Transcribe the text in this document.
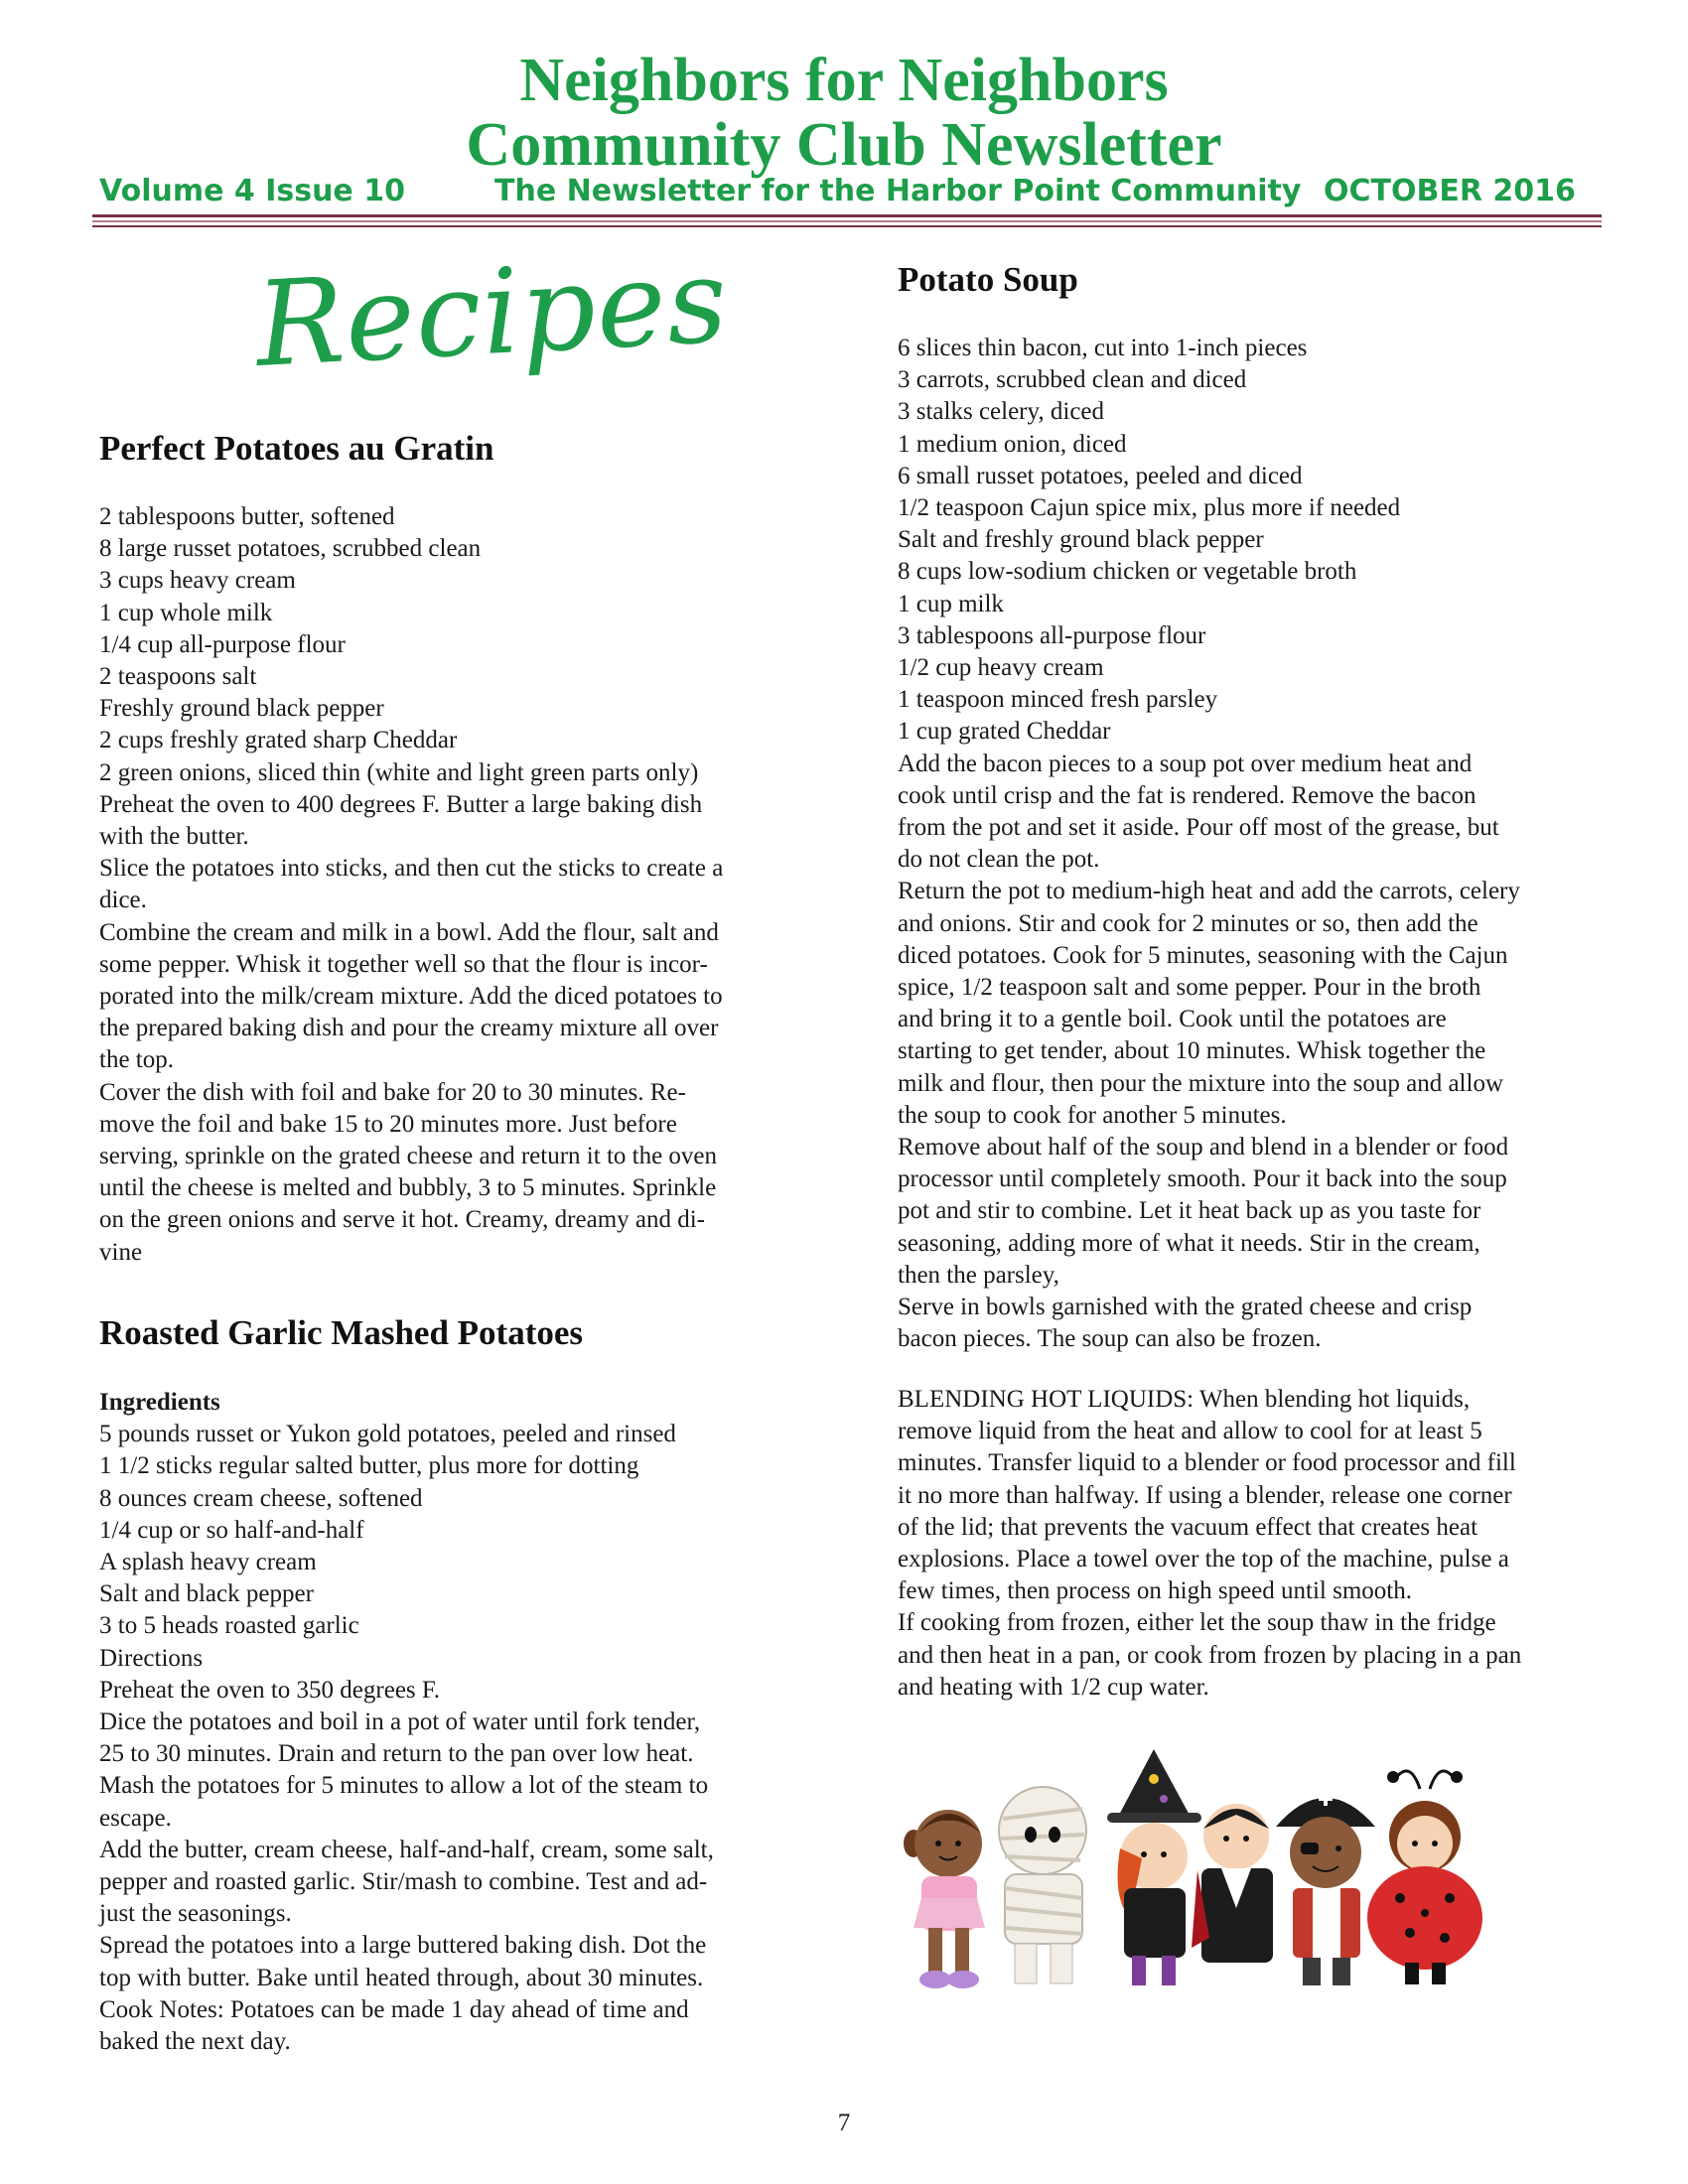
Neighbors for Neighbors
Community Club Newsletter
Volume 4 Issue 10	The Newsletter for the Harbor Point Community OCTOBER 2016
Recipes
Perfect Potatoes au Gratin
2 tablespoons butter, softened
8 large russet potatoes, scrubbed clean
3 cups heavy cream
1 cup whole milk
1/4 cup all-purpose flour
2 teaspoons salt
Freshly ground black pepper
2 cups freshly grated sharp Cheddar
2 green onions, sliced thin (white and light green parts only)
Preheat the oven to 400 degrees F. Butter a large baking dish
with the butter.
Slice the potatoes into sticks, and then cut the sticks to create a
dice.
Combine the cream and milk in a bowl. Add the flour, salt and
some pepper. Whisk it together well so that the flour is incor-
porated into the milk/cream mixture. Add the diced potatoes to
the prepared baking dish and pour the creamy mixture all over
the top.
Cover the dish with foil and bake for 20 to 30 minutes. Re-
move the foil and bake 15 to 20 minutes more. Just before
serving, sprinkle on the grated cheese and return it to the oven
until the cheese is melted and bubbly, 3 to 5 minutes. Sprinkle
on the green onions and serve it hot. Creamy, dreamy and di-
vine
Roasted Garlic Mashed Potatoes
Ingredients
5 pounds russet or Yukon gold potatoes, peeled and rinsed
1 1/2 sticks regular salted butter, plus more for dotting
8 ounces cream cheese, softened
1/4 cup or so half-and-half
A splash heavy cream
Salt and black pepper
3 to 5 heads roasted garlic
Directions
Preheat the oven to 350 degrees F.
Dice the potatoes and boil in a pot of water until fork tender,
25 to 30 minutes. Drain and return to the pan over low heat.
Mash the potatoes for 5 minutes to allow a lot of the steam to
escape.
Add the butter, cream cheese, half-and-half, cream, some salt,
pepper and roasted garlic. Stir/mash to combine. Test and ad-
just the seasonings.
Spread the potatoes into a large buttered baking dish. Dot the
top with butter. Bake until heated through, about 30 minutes.
Cook Notes: Potatoes can be made 1 day ahead of time and
baked the next day.
Potato Soup
6 slices thin bacon, cut into 1-inch pieces
3 carrots, scrubbed clean and diced
3 stalks celery, diced
1 medium onion, diced
6 small russet potatoes, peeled and diced
1/2 teaspoon Cajun spice mix, plus more if needed
Salt and freshly ground black pepper
8 cups low-sodium chicken or vegetable broth
1 cup milk
3 tablespoons all-purpose flour
1/2 cup heavy cream
1 teaspoon minced fresh parsley
1 cup grated Cheddar
Add the bacon pieces to a soup pot over medium heat and
cook until crisp and the fat is rendered. Remove the bacon
from the pot and set it aside. Pour off most of the grease, but
do not clean the pot.
Return the pot to medium-high heat and add the carrots, celery
and onions. Stir and cook for 2 minutes or so, then add the
diced potatoes. Cook for 5 minutes, seasoning with the Cajun
spice, 1/2 teaspoon salt and some pepper. Pour in the broth
and bring it to a gentle boil. Cook until the potatoes are
starting to get tender, about 10 minutes. Whisk together the
milk and flour, then pour the mixture into the soup and allow
the soup to cook for another 5 minutes.
Remove about half of the soup and blend in a blender or food
processor until completely smooth. Pour it back into the soup
pot and stir to combine. Let it heat back up as you taste for
seasoning, adding more of what it needs. Stir in the cream,
then the parsley,
Serve in bowls garnished with the grated cheese and crisp
bacon pieces. The soup can also be frozen.
BLENDING HOT LIQUIDS: When blending hot liquids,
remove liquid from the heat and allow to cool for at least 5
minutes. Transfer liquid to a blender or food processor and fill
it no more than halfway. If using a blender, release one corner
of the lid; that prevents the vacuum effect that creates heat
explosions. Place a towel over the top of the machine, pulse a
few times, then process on high speed until smooth.
If cooking from frozen, either let the soup thaw in the fridge
and then heat in a pan, or cook from frozen by placing in a pan
and heating with 1/2 cup water.
7
